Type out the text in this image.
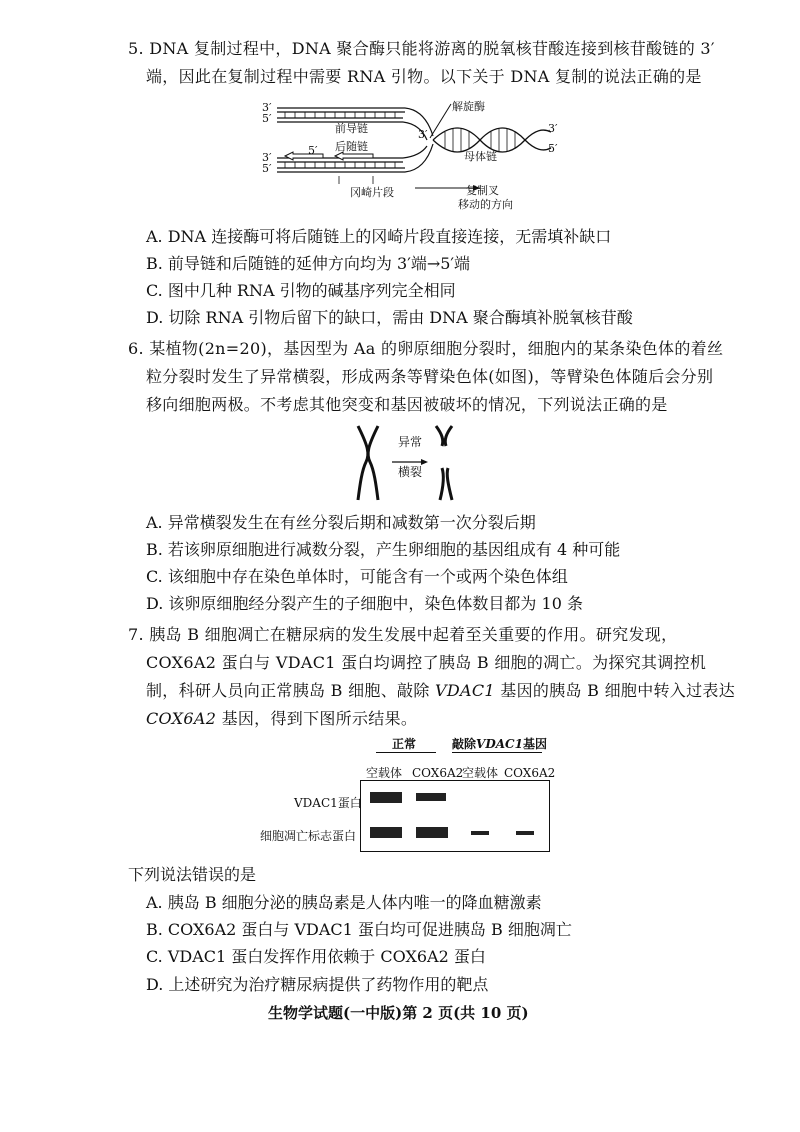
5. DNA 复制过程中，DNA 聚合酶只能将游离的脱氧核苷酸连接到核苷酸链的 3′
端，因此在复制过程中需要 RNA 引物。以下关于 DNA 复制的说法正确的是
3′
5′
3′
5′
3′	3′
5′
5′
解旋酶
前导链
后随链
母体链
冈崎片段	复制叉
移动的方向
A. DNA 连接酶可将后随链上的冈崎片段直接连接，无需填补缺口
B. 前导链和后随链的延伸方向均为 3′端→5′端
C. 图中几种 RNA 引物的碱基序列完全相同
D. 切除 RNA 引物后留下的缺口，需由 DNA 聚合酶填补脱氧核苷酸
6. 某植物(2n=20)，基因型为 Aa 的卵原细胞分裂时，细胞内的某条染色体的着丝
粒分裂时发生了异常横裂，形成两条等臂染色体(如图)，等臂染色体随后会分别
移向细胞两极。不考虑其他突变和基因被破坏的情况，下列说法正确的是
异常
横裂
A. 异常横裂发生在有丝分裂后期和减数第一次分裂后期
B. 若该卵原细胞进行减数分裂，产生卵细胞的基因组成有 4 种可能
C. 该细胞中存在染色单体时，可能含有一个或两个染色体组
D. 该卵原细胞经分裂产生的子细胞中，染色体数目都为 10 条
7. 胰岛 B 细胞凋亡在糖尿病的发生发展中起着至关重要的作用。研究发现，
COX6A2 蛋白与 VDAC1 蛋白均调控了胰岛 B 细胞的凋亡。为探究其调控机
制，科研人员向正常胰岛 B 细胞、敲除 VDAC1 基因的胰岛 B 细胞中转入过表达
COX6A2 基因，得到下图所示结果。
正常	敲除VDAC1基因
空载体 COX6A2
空载体 COX6A2
VDAC1蛋白
细胞凋亡标志蛋白
下列说法错误的是
A. 胰岛 B 细胞分泌的胰岛素是人体内唯一的降血糖激素
B. COX6A2 蛋白与 VDAC1 蛋白均可促进胰岛 B 细胞凋亡
C. VDAC1 蛋白发挥作用依赖于 COX6A2 蛋白
D. 上述研究为治疗糖尿病提供了药物作用的靶点
生物学试题(一中版)第 2 页(共 10 页)
